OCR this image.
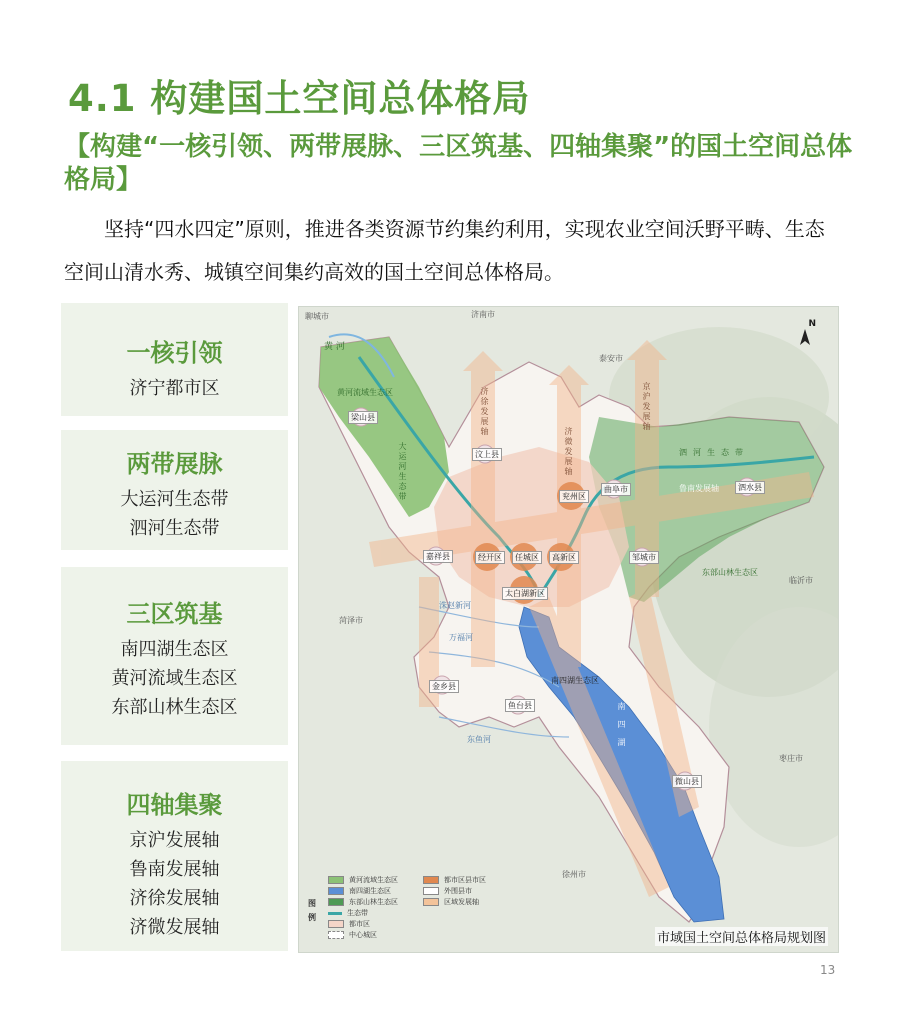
4.1 构建国土空间总体格局
【构建“一核引领、两带展脉、三区筑基、四轴集聚”的国土空间总体格局】
坚持“四水四定”原则，推进各类资源节约集约利用，实现农业空间沃野平畴、生态空间山清水秀、城镇空间集约高效的国土空间总体格局。
一核引领
济宁都市区
两带展脉
大运河生态带
泗河生态带
三区筑基
南四湖生态区
黄河流域生态区
东部山林生态区
四轴集聚
京沪发展轴
鲁南发展轴
济徐发展轴
济微发展轴
N
聊城市	济南市
泰安市
菏泽市
临沂市
枣庄市
徐州市
黄 河
黄河流域生态区
东部山林生态区
南四湖生态区
大运河生态带	泗河生态带
南四湖
万福河
东鱼河
洙赵新河
济徐发展轴
济微发展轴
京沪发展轴
鲁南发展轴
梁山县
汶上县
兖州区
曲阜市	泗水县
嘉祥县	经开区	任城区	高新区	邹城市
太白湖新区
金乡县
鱼台县
微山县
图例
黄河流域生态区
南四湖生态区
东部山林生态区
生态带
都市区
中心城区
都市区县市区
外围县市
区域发展轴
市域国土空间总体格局规划图
13
